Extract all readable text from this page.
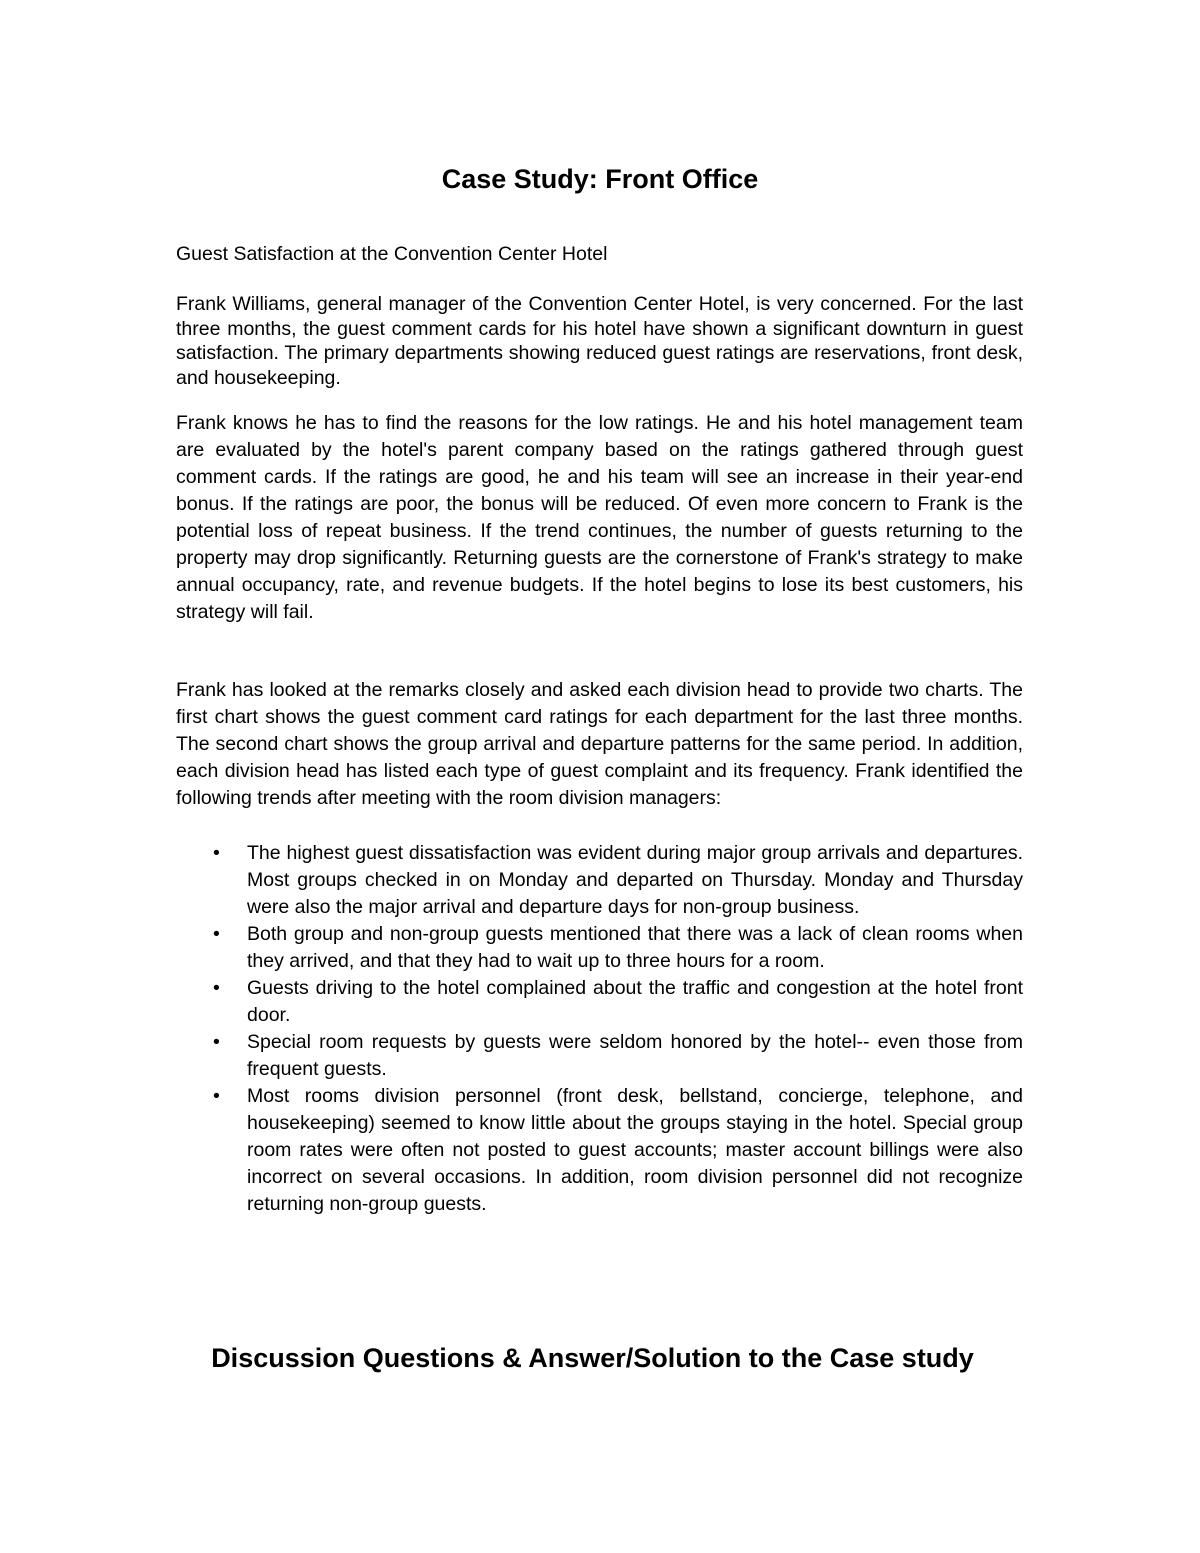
Case Study: Front Office
Guest Satisfaction at the Convention Center Hotel
Frank Williams, general manager of the Convention Center Hotel, is very concerned. For the last three months, the guest comment cards for his hotel have shown a significant downturn in guest satisfaction. The primary departments showing reduced guest ratings are reservations, front desk, and housekeeping.
Frank knows he has to find the reasons for the low ratings. He and his hotel management team are evaluated by the hotel's parent company based on the ratings gathered through guest comment cards. If the ratings are good, he and his team will see an increase in their year-end bonus. If the ratings are poor, the bonus will be reduced. Of even more concern to Frank is the potential loss of repeat business. If the trend continues, the number of guests returning to the property may drop significantly. Returning guests are the cornerstone of Frank's strategy to make annual occupancy, rate, and revenue budgets. If the hotel begins to lose its best customers, his strategy will fail.
Frank has looked at the remarks closely and asked each division head to provide two charts. The first chart shows the guest comment card ratings for each department for the last three months. The second chart shows the group arrival and departure patterns for the same period. In addition, each division head has listed each type of guest complaint and its frequency. Frank identified the following trends after meeting with the room division managers:
• The highest guest dissatisfaction was evident during major group arrivals and departures. Most groups checked in on Monday and departed on Thursday. Monday and Thursday were also the major arrival and departure days for non-group business.
• Both group and non-group guests mentioned that there was a lack of clean rooms when they arrived, and that they had to wait up to three hours for a room.
• Guests driving to the hotel complained about the traffic and congestion at the hotel front door.
• Special room requests by guests were seldom honored by the hotel-- even those from frequent guests.
• Most rooms division personnel (front desk, bellstand, concierge, telephone, and housekeeping) seemed to know little about the groups staying in the hotel. Special group room rates were often not posted to guest accounts; master account billings were also incorrect on several occasions. In addition, room division personnel did not recognize returning non-group guests.
Discussion Questions & Answer/Solution to the Case study
